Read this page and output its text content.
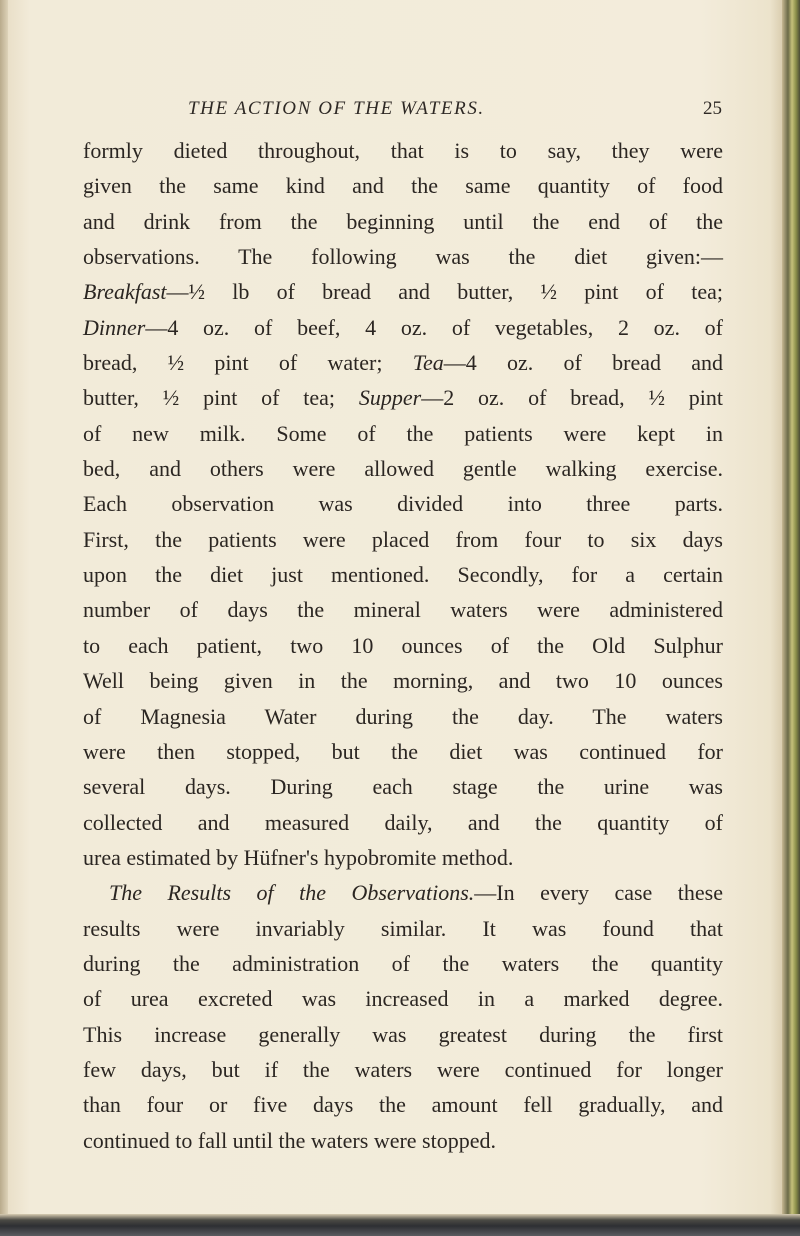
THE ACTION OF THE WATERS.	25
formly dieted throughout, that is to say, they were
given the same kind and the same quantity of food
and drink from the beginning until the end of the
observations. The following was the diet given:—
Breakfast—½ lb of bread and butter, ½ pint of tea;
Dinner—4 oz. of beef, 4 oz. of vegetables, 2 oz. of
bread, ½ pint of water; Tea—4 oz. of bread and
butter, ½ pint of tea; Supper—2 oz. of bread, ½ pint
of new milk. Some of the patients were kept in
bed, and others were allowed gentle walking exercise.
Each observation was divided into three parts.
First, the patients were placed from four to six days
upon the diet just mentioned. Secondly, for a certain
number of days the mineral waters were administered
to each patient, two 10 ounces of the Old Sulphur
Well being given in the morning, and two 10 ounces
of Magnesia Water during the day. The waters
were then stopped, but the diet was continued for
several days. During each stage the urine was
collected and measured daily, and the quantity of
urea estimated by Hüfner's hypobromite method.
The Results of the Observations.—In every case these
results were invariably similar. It was found that
during the administration of the waters the quantity
of urea excreted was increased in a marked degree.
This increase generally was greatest during the first
few days, but if the waters were continued for longer
than four or five days the amount fell gradually, and
continued to fall until the waters were stopped.
